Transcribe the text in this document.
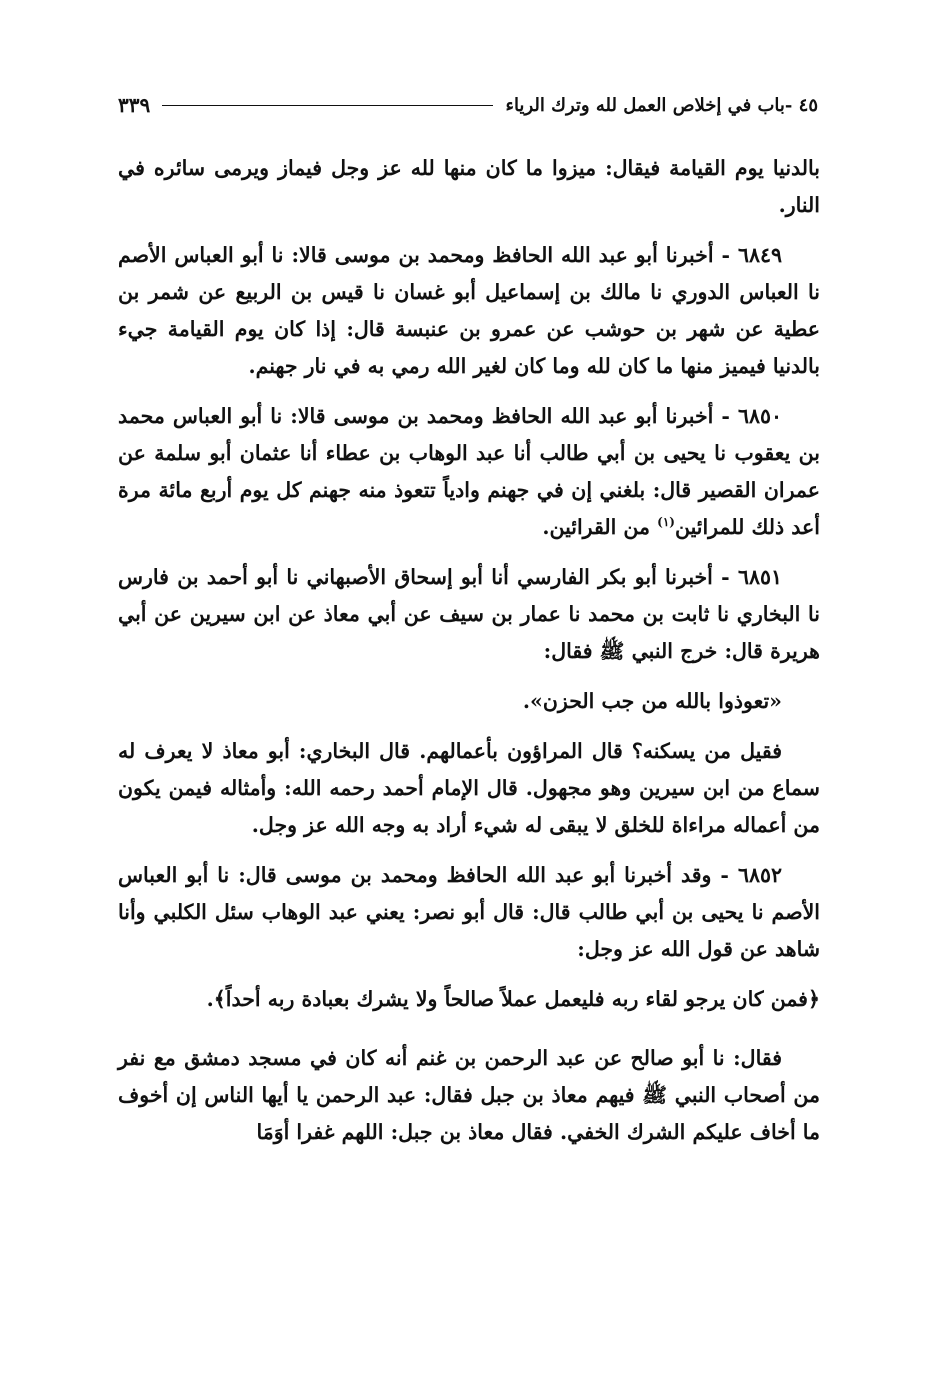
٤٥ -باب في إخلاص العمل لله وترك الرياء
٣٣٩

بالدنيا يوم القيامة فيقال: ميزوا ما كان منها لله عز وجل فيماز ويرمى سائره في النار.

٦٨٤٩ - أخبرنا أبو عبد الله الحافظ ومحمد بن موسى قالا: نا أبو العباس الأصم نا العباس الدوري نا مالك بن إسماعيل أبو غسان نا قيس بن الربيع عن شمر بن عطية عن شهر بن حوشب عن عمرو بن عنبسة قال: إذا كان يوم القيامة جيء بالدنيا فيميز منها ما كان لله وما كان لغير الله رمي به في نار جهنم.

٦٨٥٠ - أخبرنا أبو عبد الله الحافظ ومحمد بن موسى قالا: نا أبو العباس محمد بن يعقوب نا يحيى بن أبي طالب أنا عبد الوهاب بن عطاء أنا عثمان أبو سلمة عن عمران القصير قال: بلغني إن في جهنم وادياً تتعوذ منه جهنم كل يوم أربع مائة مرة أعد ذلك للمرائين$^{(١)}$ من القرائين.

٦٨٥١ - أخبرنا أبو بكر الفارسي أنا أبو إسحاق الأصبهاني نا أبو أحمد بن فارس نا البخاري نا ثابت بن محمد نا عمار بن سيف عن أبي معاذ عن ابن سيرين عن أبي هريرة قال: خرج النبي ﷺ فقال:

«تعوذوا بالله من جب الحزن».

فقيل من يسكنه؟ قال المراؤون بأعمالهم. قال البخاري: أبو معاذ لا يعرف له سماع من ابن سيرين وهو مجهول. قال الإمام أحمد رحمه الله: وأمثاله فيمن يكون من أعماله مراءاة للخلق لا يبقى له شيء أراد به وجه الله عز وجل.

٦٨٥٢ - وقد أخبرنا أبو عبد الله الحافظ ومحمد بن موسى قال: نا أبو العباس الأصم نا يحيى بن أبي طالب قال: قال أبو نصر: يعني عبد الوهاب سئل الكلبي وأنا شاهد عن قول الله عز وجل:

﴿فمن كان يرجو لقاء ربه فليعمل عملاً صالحاً ولا يشرك بعبادة ربه أحداً﴾.

فقال: نا أبو صالح عن عبد الرحمن بن غنم أنه كان في مسجد دمشق مع نفر من أصحاب النبي ﷺ فيهم معاذ بن جبل فقال: عبد الرحمن يا أيها الناس إن أخوف ما أخاف عليكم الشرك الخفي. فقال معاذ بن جبل: اللهم غفرا أوَمَا
